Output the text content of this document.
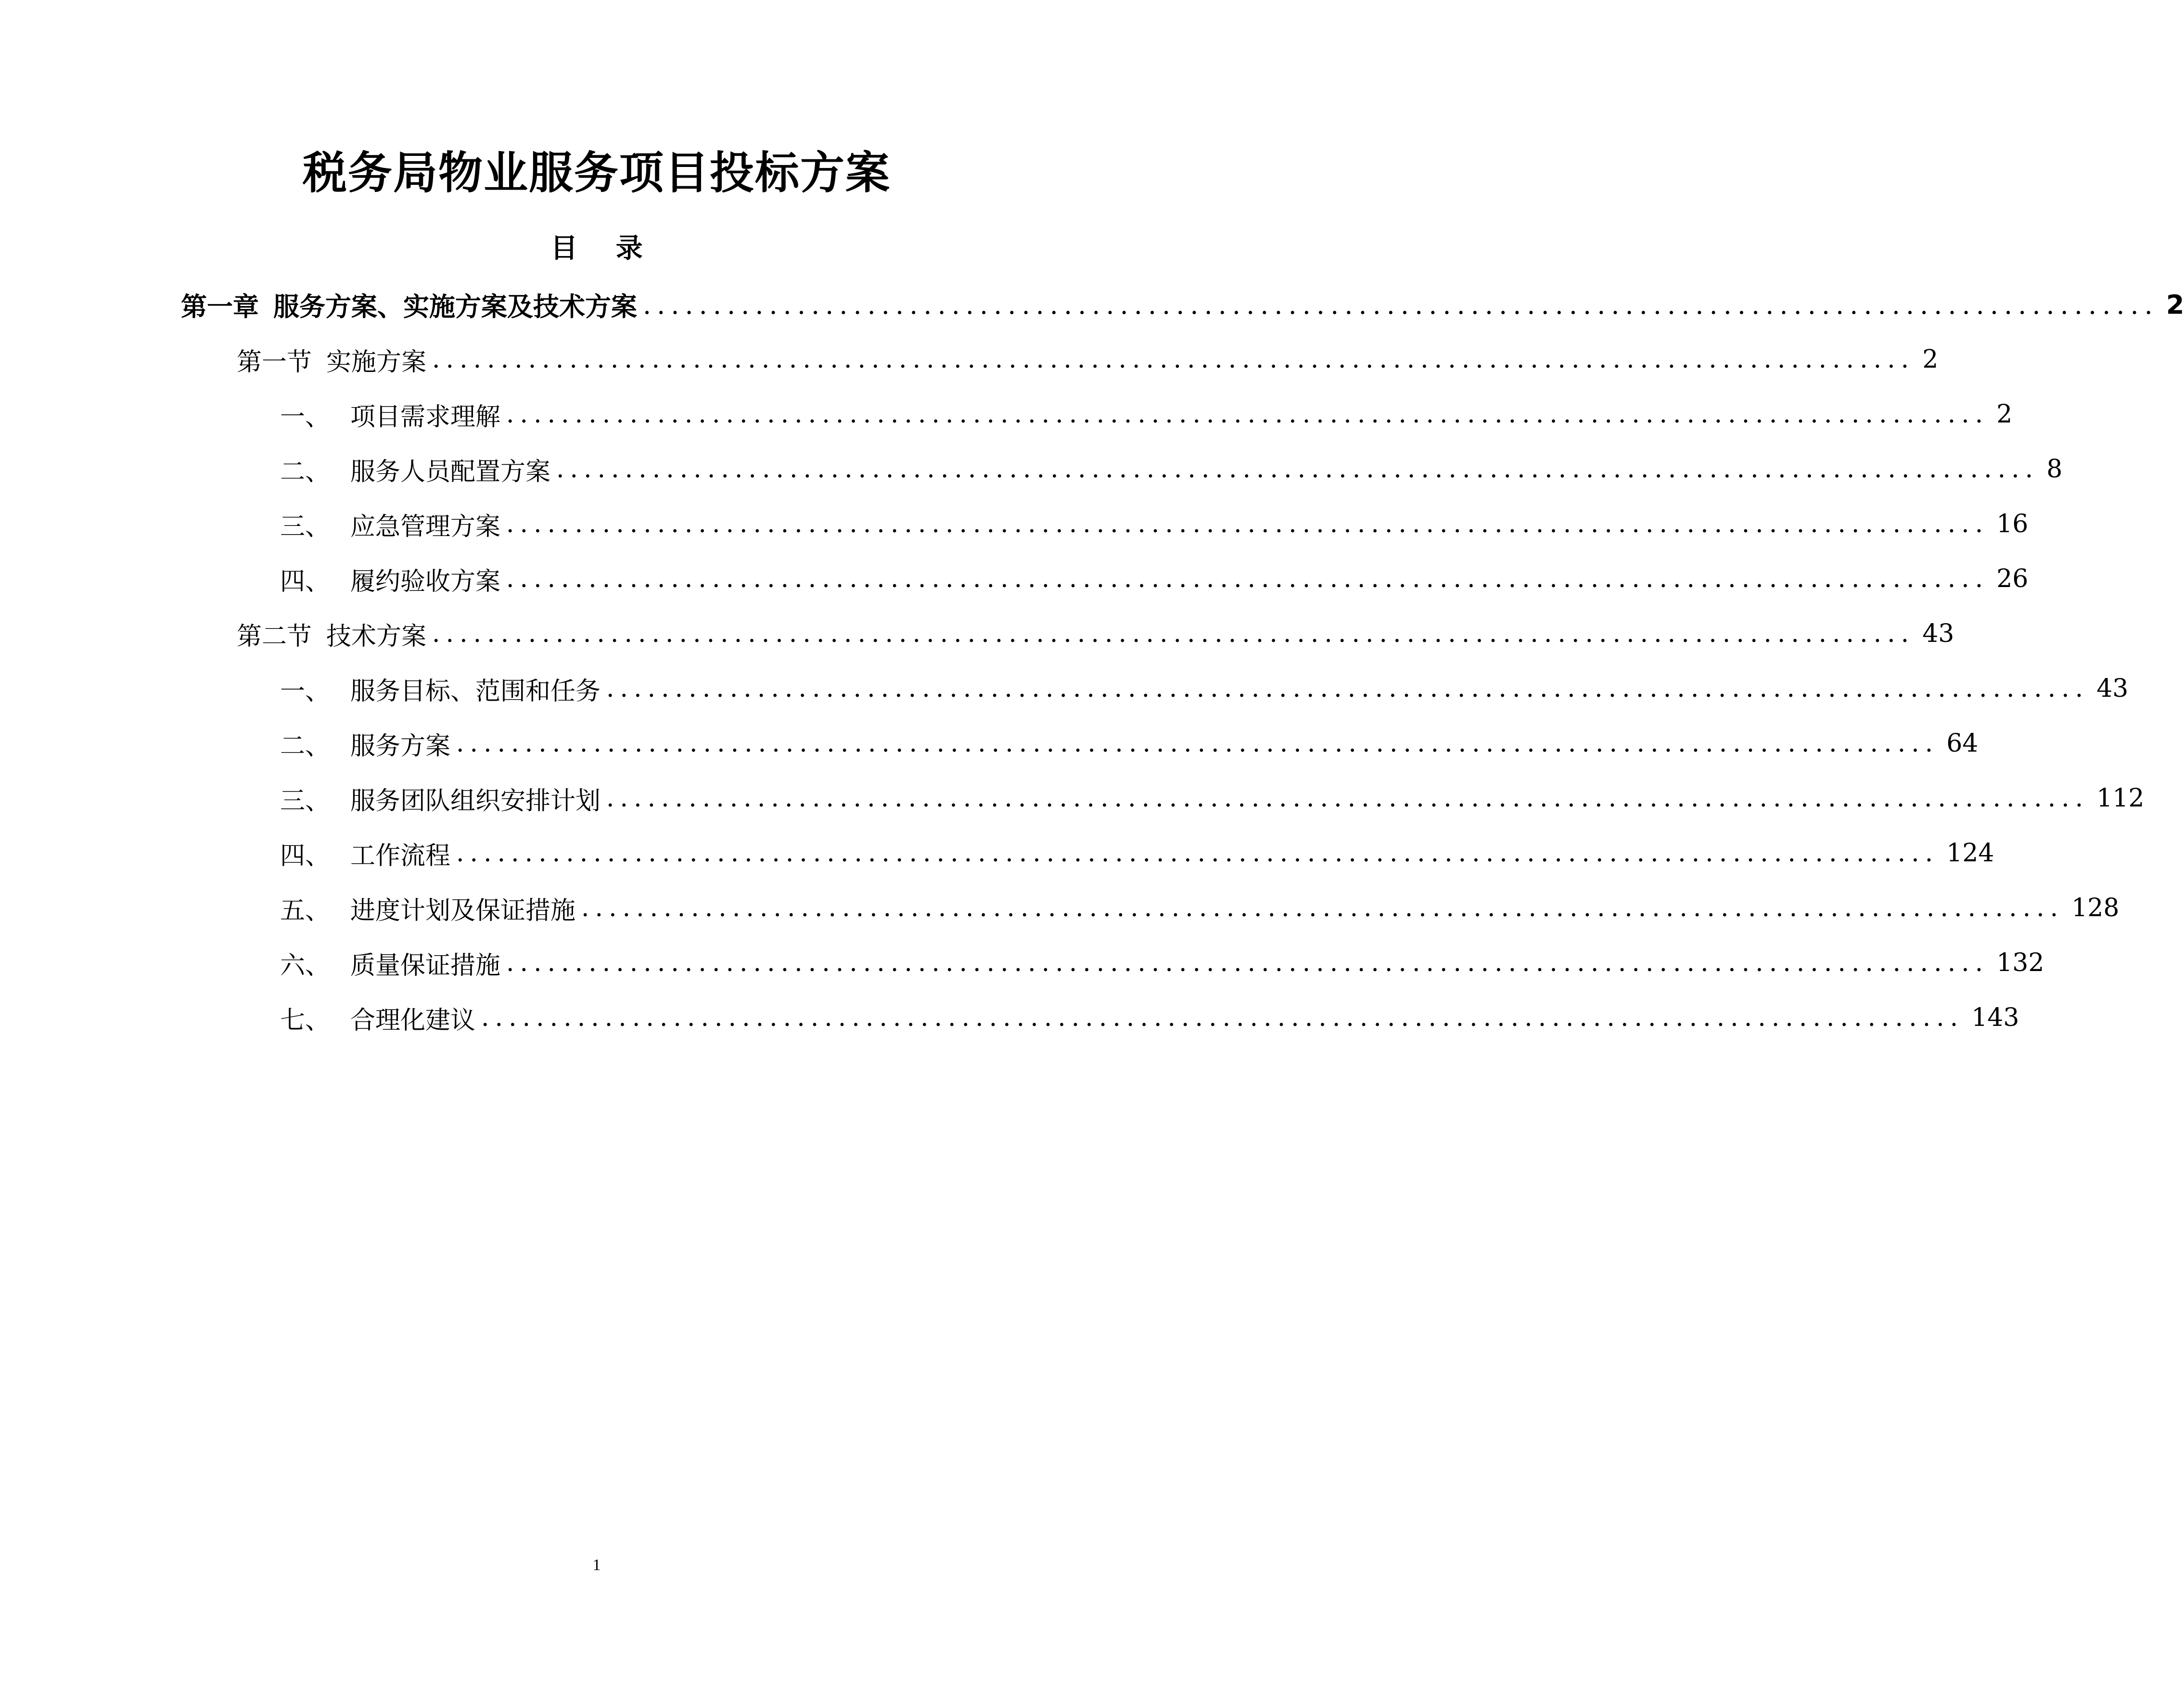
税务局物业服务项目投标方案
目 录
第一章 服务方案、实施方案及技术方案 ............................................................................................................ 2
第一节 实施方案 ............................................................................................................ 2
一、 项目需求理解 ............................................................................................................ 2
二、 服务人员配置方案 ............................................................................................................ 8
三、 应急管理方案 ............................................................................................................ 16
四、 履约验收方案 ............................................................................................................ 26
第二节 技术方案 ............................................................................................................ 43
一、 服务目标、范围和任务 ............................................................................................................ 43
二、 服务方案 ............................................................................................................ 64
三、 服务团队组织安排计划 ............................................................................................................ 112
四、 工作流程 ............................................................................................................ 124
五、 进度计划及保证措施 ............................................................................................................ 128
六、 质量保证措施 ............................................................................................................ 132
七、 合理化建议 ............................................................................................................ 143
1
